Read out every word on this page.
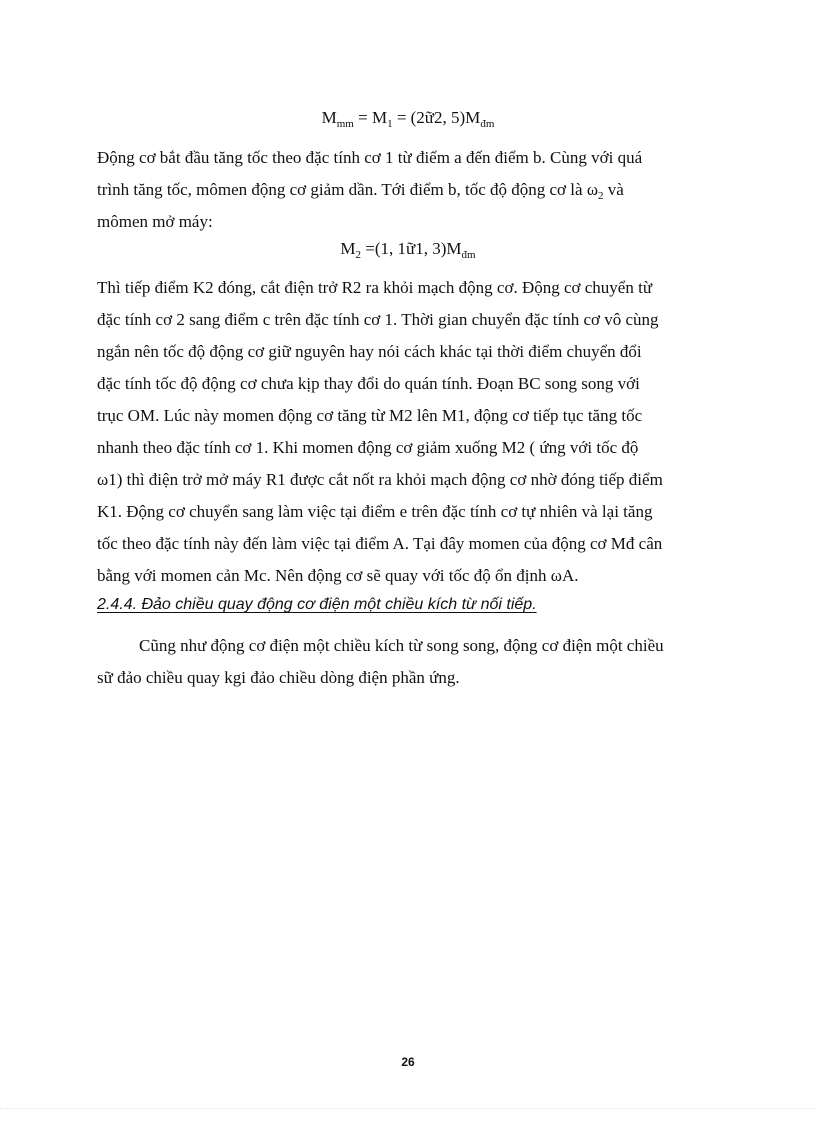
$M_{mm} = M_1$ = (2ữ2, $5)M_{đm}$
Động cơ bắt đầu tăng tốc theo đặc tính cơ 1 từ điểm a đến điểm b. Cùng với quá
trình tăng tốc, mômen động cơ giảm dần. Tới điểm b, tốc độ động cơ là $\omega_2$ và
mômen mở máy:
$M_2 =(1$, 1ữ1, $3)M_{đm}$
Thì tiếp điểm K2 đóng, cắt điện trở R2 ra khỏi mạch động cơ. Động cơ chuyển từ
đặc tính cơ 2 sang điểm c trên đặc tính cơ 1. Thời gian chuyển đặc tính cơ vô cùng
ngắn nên tốc độ động cơ giữ nguyên hay nói cách khác tại thời điểm chuyển đổi
đặc tính tốc độ động cơ chưa kịp thay đổi do quán tính. Đoạn BC song song với
trục OM. Lúc này momen động cơ tăng từ M2 lên M1, động cơ tiếp tục tăng tốc
nhanh theo đặc tính cơ 1. Khi momen động cơ giảm xuống M2 ( ứng với tốc độ
ω1) thì điện trở mở máy R1 được cắt nốt ra khỏi mạch động cơ nhờ đóng tiếp điểm
K1. Động cơ chuyển sang làm việc tại điểm e trên đặc tính cơ tự nhiên và lại tăng
tốc theo đặc tính này đến làm việc tại điểm A. Tại đây momen của động cơ Mđ cân
bằng với momen cản Mc. Nên động cơ sẽ quay với tốc độ ổn định ωA.
2.4.4. Đảo chiều quay động cơ điện một chiều kích từ nối tiếp.
Cũng như động cơ điện một chiều kích từ song song, động cơ điện một chiều
sữ đảo chiều quay kgi đảo chiều dòng điện phần ứng.
26
